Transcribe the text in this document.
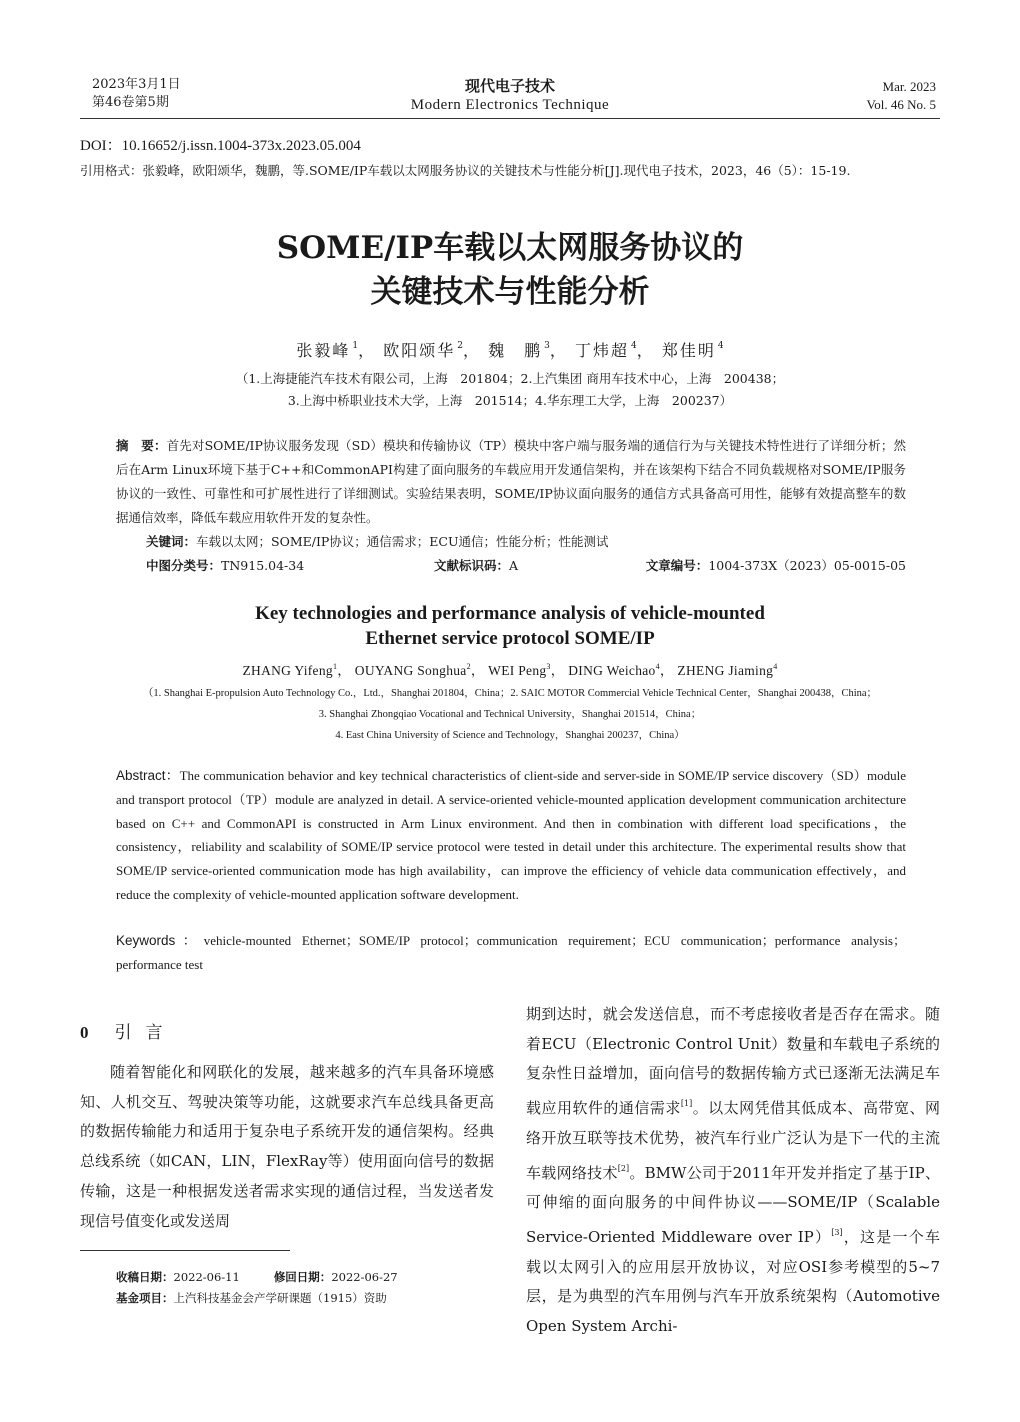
2023年3月1日
第46卷第5期
现代电子技术
Modern Electronics Technique
Mar. 2023
Vol. 46 No. 5
DOI：10.16652/j.issn.1004-373x.2023.05.004
引用格式：张毅峰，欧阳颂华，魏鹏，等.SOME/IP车载以太网服务协议的关键技术与性能分析[J].现代电子技术，2023，46（5）：15-19.
SOME/IP车载以太网服务协议的
关键技术与性能分析
张毅峰 $^1$， 欧阳颂华 $^2$， 魏　鹏 $^3$， 丁炜超 $^4$， 郑佳明 $^4$
（1.上海捷能汽车技术有限公司，上海　201804；2.上汽集团 商用车技术中心，上海　200438；
3.上海中桥职业技术大学，上海　201514；4.华东理工大学，上海　200237）
摘　要：首先对SOME/IP协议服务发现（SD）模块和传输协议（TP）模块中客户端与服务端的通信行为与关键技术特性进行了详细分析；然后在Arm Linux环境下基于C++和CommonAPI构建了面向服务的车载应用开发通信架构，并在该架构下结合不同负载规格对SOME/IP服务协议的一致性、可靠性和可扩展性进行了详细测试。实验结果表明，SOME/IP协议面向服务的通信方式具备高可用性，能够有效提高整车的数据通信效率，降低车载应用软件开发的复杂性。
关键词：车载以太网；SOME/IP协议；通信需求；ECU通信；性能分析；性能测试
中图分类号：TN915.04-34	文献标识码：A	文章编号：1004-373X（2023）05-0015-05
Key technologies and performance analysis of vehicle-mounted
Ethernet service protocol SOME/IP
ZHANG Yifeng$^1$， OUYANG Songhua$^2$， WEI Peng$^3$， DING Weichao$^4$， ZHENG Jiaming$^4$
（1. Shanghai E-propulsion Auto Technology Co.，Ltd.，Shanghai 201804，China；2. SAIC MOTOR Commercial Vehicle Technical Center，Shanghai 200438，China；
3. Shanghai Zhongqiao Vocational and Technical University，Shanghai 201514，China；
4. East China University of Science and Technology，Shanghai 200237，China）
Abstract：The communication behavior and key technical characteristics of client-side and server-side in SOME/IP service discovery（SD）module and transport protocol（TP）module are analyzed in detail. A service-oriented vehicle-mounted application development communication architecture based on C++ and CommonAPI is constructed in Arm Linux environment. And then in combination with different load specifications，the consistency，reliability and scalability of SOME/IP service protocol were tested in detail under this architecture. The experimental results show that SOME/IP service-oriented communication mode has high availability，can improve the efficiency of vehicle data communication effectively，and reduce the complexity of vehicle-mounted application software development.
Keywords：vehicle-mounted Ethernet；SOME/IP protocol；communication requirement；ECU communication；performance analysis；performance test
0 引言

随着智能化和网联化的发展，越来越多的汽车具备环境感知、人机交互、驾驶决策等功能，这就要求汽车总线具备更高的数据传输能力和适用于复杂电子系统开发的通信架构。经典总线系统（如CAN，LIN，FlexRay等）使用面向信号的数据传输，这是一种根据发送者需求实现的通信过程，当发送者发现信号值变化或发送周

期到达时，就会发送信息，而不考虑接收者是否存在需求。随着ECU（Electronic Control Unit）数量和车载电子系统的复杂性日益增加，面向信号的数据传输方式已逐渐无法满足车载应用软件的通信需求[1]。以太网凭借其低成本、高带宽、网络开放互联等技术优势，被汽车行业广泛认为是下一代的主流车载网络技术[2]。BMW公司于2011年开发并指定了基于IP、可伸缩的面向服务的中间件协议——SOME/IP（Scalable Service-Oriented Middleware over IP）[3]，这是一个车载以太网引入的应用层开放协议，对应OSI参考模型的5~7层，是为典型的汽车用例与汽车开放系统架构（Automotive Open System Archi-

收稿日期：2022-06-11	修回日期：2022-06-27
基金项目：上汽科技基金会产学研课题（1915）资助
